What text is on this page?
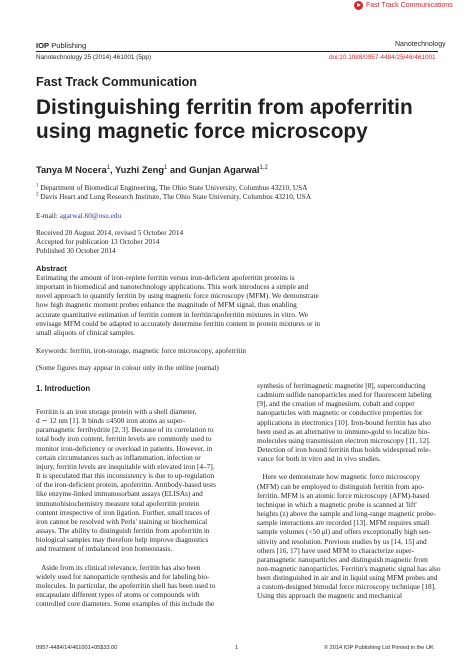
Fast Track Communications
IOP Publishing	Nanotechnology
Nanotechnology 25 (2014) 461001 (5pp)	doi:10.1088/0957-4484/25/46/461001
Fast Track Communication
Distinguishing ferritin from apoferritin using magnetic force microscopy
Tanya M Nocera$^1$, Yuzhi Zeng$^1$ and Gunjan Agarwal$^{1,2}$
$^1$ Department of Biomedical Engineering, The Ohio State University, Columbus 43210, USA
$^2$ Davis Heart and Lung Research Institute, The Ohio State University, Columbus 43210, USA
E-mail: agarwal.60@osu.edu
Received 20 August 2014, revised 5 October 2014
Accepted for publication 13 October 2014
Published 30 October 2014
Abstract
Estimating the amount of iron-replete ferritin versus iron-deficient apoferritin proteins is
important in biomedical and nanotechnology applications. This work introduces a simple and
novel approach to quantify ferritin by using magnetic force microscopy (MFM). We demonstrate
how high magnetic moment probes enhance the magnitude of MFM signal, thus enabling
accurate quantitative estimation of ferritin content in ferritin/apoferritin mixtures in vitro. We
envisage MFM could be adapted to accurately determine ferritin content in protein mixtures or in
small aliquots of clinical samples.
Keywords: ferritin, iron-storage, magnetic force microscopy, apoferritin
(Some figures may appear in colour only in the online journal)
1. Introduction
Ferritin is an iron storage protein with a shell diameter,
d ∼ 12 nm [1]. It binds ≤4500 iron atoms as super-
paramagnetic ferrihydrite [2, 3]. Because of its correlation to
total body iron content, ferritin levels are commonly used to
monitor iron-deficiency or overload in patients. However, in
certain circumstances such as inflammation, infection or
injury, ferritin levels are inequitable with elevated iron [4–7].
It is speculated that this inconsistency is due to up-regulation
of the iron-deficient protein, apoferritin. Antibody-based tests
like enzyme-linked immunosorbant assays (ELISAs) and
immunohistochemistry measure total apoferritin protein
content irrespective of iron ligation. Further, small traces of
iron cannot be resolved with Perls' staining or biochemical
assays. The ability to distinguish ferritin from apoferritin in
biological samples may therefore help improve diagnostics
and treatment of imbalanced iron homeostasis.
Aside from its clinical relevance, ferritin has also been
widely used for nanoparticle synthesis and for labeling bio-
molecules. In particular, the apoferritin shell has been used to
encapsulate different types of atoms or compounds with
controlled core diameters. Some examples of this include the
synthesis of ferrimagnetic magnetite [8], superconducting
cadmium sulfide nanoparticles used for fluorescent labeling
[9], and the creation of magnesium, cobalt and copper
nanoparticles with magnetic or conductive properties for
applications in electronics [10]. Iron-bound ferritin has also
been used as an alternative to immuno-gold to localize bio-
molecules using transmission electron microscopy [11, 12].
Detection of iron bound ferritin thus holds widespread rele-
vance for both in vitro and in vivo studies.
Here we demonstrate how magnetic force microscopy
(MFM) can be employed to distinguish ferritin from apo-
ferritin. MFM is an atomic force microscopy (AFM)-based
technique in which a magnetic probe is scanned at 'lift'
heights (z) above the sample and long-range magnetic probe-
sample interactions are recorded [13]. MFM requires small
sample volumes (<50 μl) and offers exceptionally high sen-
sitivity and resolution. Previous studies by us [14, 15] and
others [16, 17] have used MFM to characterize super-
paramagnetic nanoparticles and distinguish magnetic from
non-magnetic nanoparticles. Ferritin's magnetic signal has also
been distinguished in air and in liquid using MFM probes and
a custom-designed bimodal force microscopy technique [18].
Using this approach the magnetic and mechanical
0957-4484/14/461001+05$33.00	1	© 2014 IOP Publishing Ltd Printed in the UK
